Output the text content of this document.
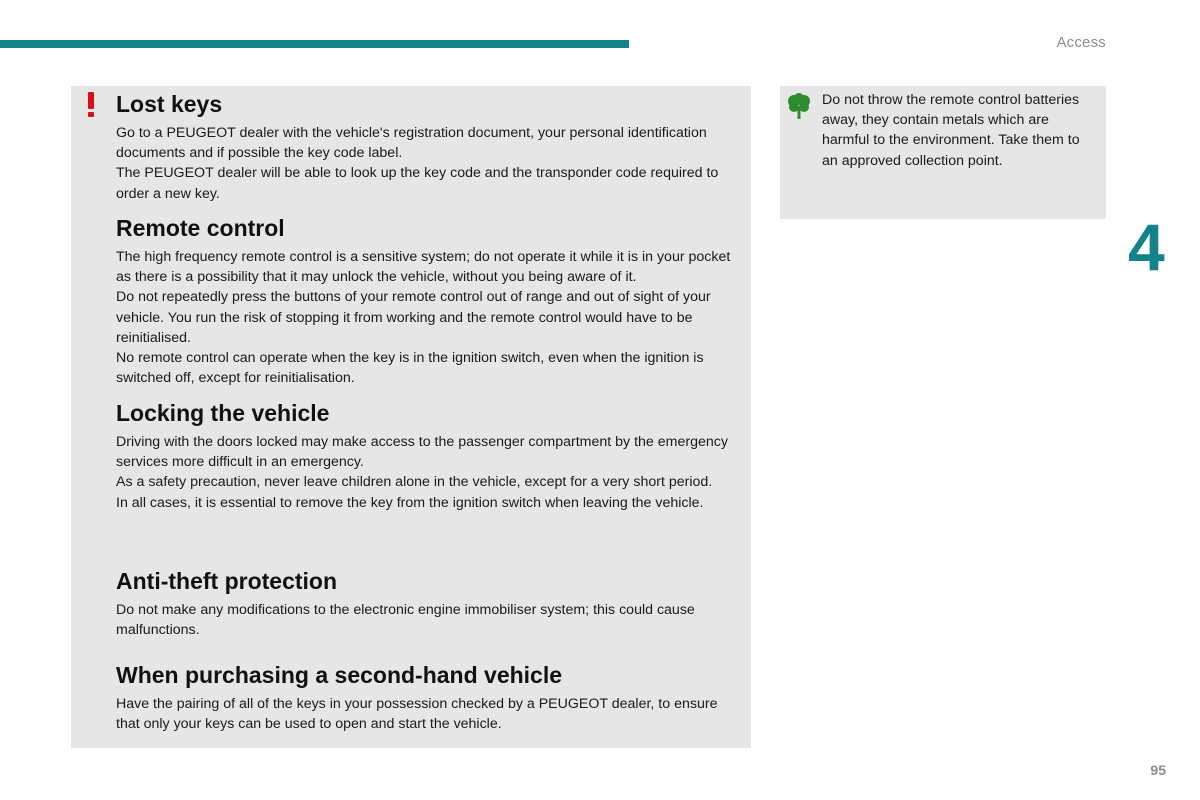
Access
4
Lost keys

Go to a PEUGEOT dealer with the vehicle's registration document, your personal identification documents and if possible the key code label.

The PEUGEOT dealer will be able to look up the key code and the transponder code required to order a new key.

Remote control

The high frequency remote control is a sensitive system; do not operate it while it is in your pocket as there is a possibility that it may unlock the vehicle, without you being aware of it.

Do not repeatedly press the buttons of your remote control out of range and out of sight of your vehicle. You run the risk of stopping it from working and the remote control would have to be reinitialised.

No remote control can operate when the key is in the ignition switch, even when the ignition is switched off, except for reinitialisation.

Locking the vehicle

Driving with the doors locked may make access to the passenger compartment by the emergency services more difficult in an emergency.

As a safety precaution, never leave children alone in the vehicle, except for a very short period.

In all cases, it is essential to remove the key from the ignition switch when leaving the vehicle.

Anti-theft protection

Do not make any modifications to the electronic engine immobiliser system; this could cause malfunctions.

When purchasing a second-hand vehicle

Have the pairing of all of the keys in your possession checked by a PEUGEOT dealer, to ensure that only your keys can be used to open and start the vehicle.

Do not throw the remote control batteries away, they contain metals which are harmful to the environment. Take them to an approved collection point.

95
